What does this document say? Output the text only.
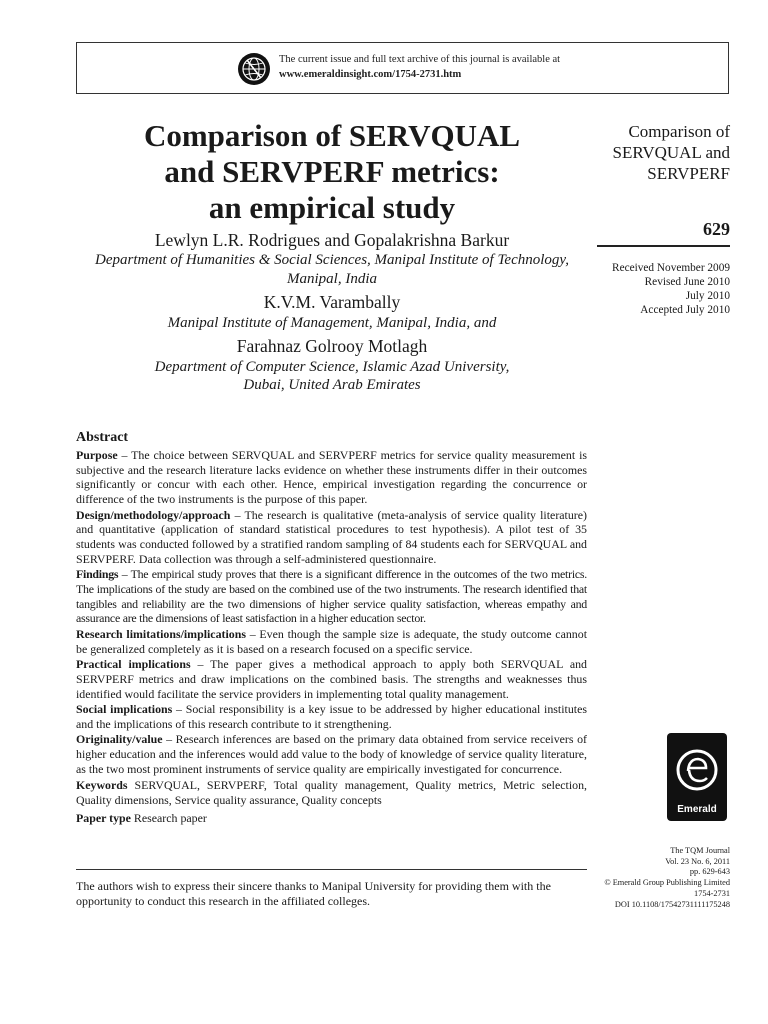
The current issue and full text archive of this journal is available at
www.emeraldinsight.com/1754-2731.htm
Comparison of SERVQUAL
and SERVPERF metrics:
an empirical study
Lewlyn L.R. Rodrigues and Gopalakrishna Barkur
Department of Humanities & Social Sciences, Manipal Institute of Technology,
Manipal, India
K.V.M. Varambally
Manipal Institute of Management, Manipal, India, and
Farahnaz Golrooy Motlagh
Department of Computer Science, Islamic Azad University,
Dubai, United Arab Emirates
Comparison of
SERVQUAL and
SERVPERF
629
Received November 2009
Revised June 2010
July 2010
Accepted July 2010
Abstract

Purpose – The choice between SERVQUAL and SERVPERF metrics for service quality measurement is subjective and the research literature lacks evidence on whether these instruments differ in their outcomes significantly or concur with each other. Hence, empirical investigation regarding the concurrence or difference of the two instruments is the purpose of this paper.

Design/methodology/approach – The research is qualitative (meta-analysis of service quality literature) and quantitative (application of standard statistical procedures to test hypothesis). A pilot test of 35 students was conducted followed by a stratified random sampling of 84 students each for SERVQUAL and SERVPERF. Data collection was through a self-administered questionnaire.

Findings – The empirical study proves that there is a significant difference in the outcomes of the two metrics. The implications of the study are based on the combined use of the two instruments. The research identified that tangibles and reliability are the two dimensions of higher service quality satisfaction, whereas empathy and assurance are the dimensions of least satisfaction in a higher education sector.

Research limitations/implications – Even though the sample size is adequate, the study outcome cannot be generalized completely as it is based on a research focused on a specific service.

Practical implications – The paper gives a methodical approach to apply both SERVQUAL and SERVPERF metrics and draw implications on the combined basis. The strengths and weaknesses thus identified would facilitate the service providers in implementing total quality management.

Social implications – Social responsibility is a key issue to be addressed by higher educational institutes and the implications of this research contribute to it strengthening.

Originality/value – Research inferences are based on the primary data obtained from service receivers of higher education and the inferences would add value to the body of knowledge of service quality literature, as the two most prominent instruments of service quality are empirically investigated for concurrence.

Keywords SERVQUAL, SERVPERF, Total quality management, Quality metrics, Metric selection, Quality dimensions, Service quality assurance, Quality concepts

Paper type Research paper

The authors wish to express their sincere thanks to Manipal University for providing them with the opportunity to conduct this research in the affiliated colleges.
Emerald
The TQM Journal
Vol. 23 No. 6, 2011
pp. 629-643
© Emerald Group Publishing Limited
1754-2731
DOI 10.1108/17542731111175248
